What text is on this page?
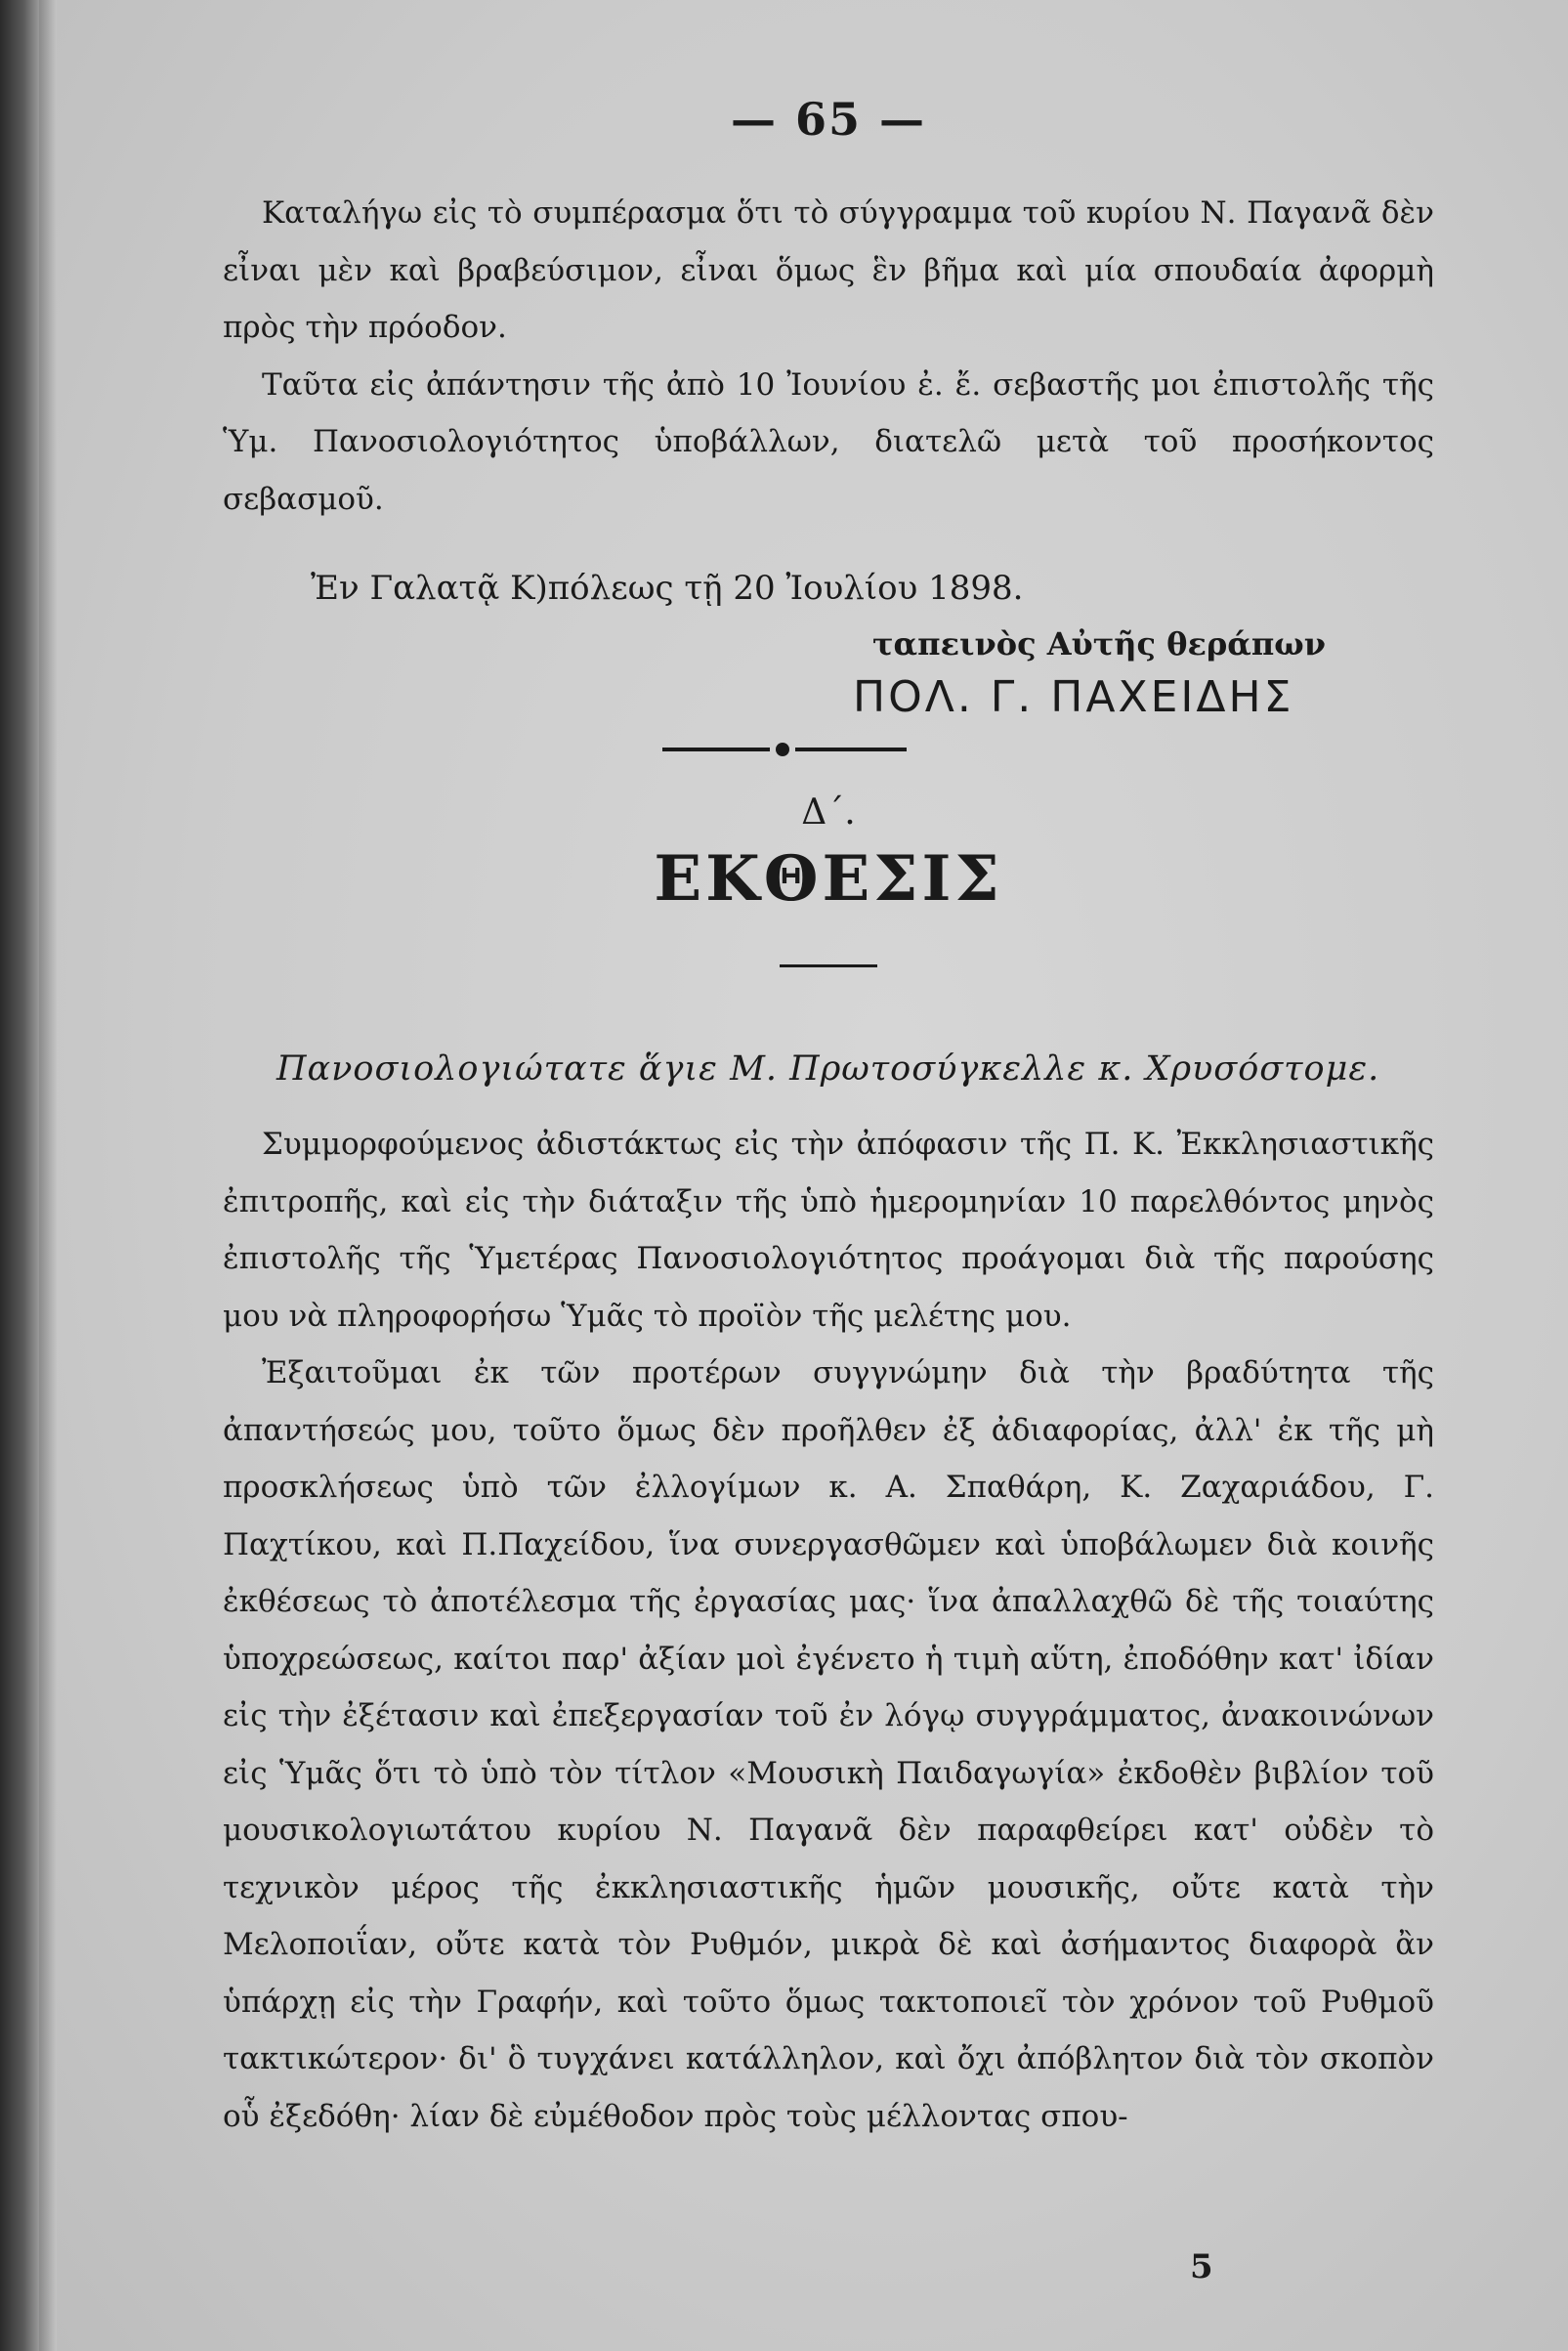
— 65 —

Καταλήγω εἰς τὸ συμπέρασμα ὅτι τὸ σύγγραμμα τοῦ κυρίου Ν. Παγανᾶ δὲν εἶναι μὲν καὶ βραβεύσιμον, εἶναι ὅμως ἓν βῆμα καὶ μία σπουδαία ἀφορμὴ πρὸς τὴν πρόοδον.

Ταῦτα εἰς ἀπάντησιν τῆς ἀπὸ 10 Ἰουνίου ἐ. ἔ. σεβαστῆς μοι ἐπιστολῆς τῆς Ὑμ. Πανοσιολογιότητος ὑποβάλλων, διατελῶ μετὰ τοῦ προσήκοντος σεβασμοῦ.

Ἐν Γαλατᾷ Κ)πόλεως τῇ 20 Ἰουλίου 1898.
ταπεινὸς Αὐτῆς θεράπων
ΠΟΛ. Γ. ΠΑΧΕΙΔΗΣ
Δ΄.
ΕΚΘΕΣΙΣ
Πανοσιολογιώτατε ἅγιε Μ. Πρωτοσύγκελλε κ. Χρυσόστομε.

Συμμορφούμενος ἀδιστάκτως εἰς τὴν ἀπόφασιν τῆς Π. Κ. Ἐκκλησιαστικῆς ἐπιτροπῆς, καὶ εἰς τὴν διάταξιν τῆς ὑπὸ ἡμερομηνίαν 10 παρελθόντος μηνὸς ἐπιστολῆς τῆς Ὑμετέρας Πανοσιολογιότητος προάγομαι διὰ τῆς παρούσης μου νὰ πληροφορήσω Ὑμᾶς τὸ προϊὸν τῆς μελέτης μου.

Ἐξαιτοῦμαι ἐκ τῶν προτέρων συγγνώμην διὰ τὴν βραδύτητα τῆς ἀπαντήσεώς μου, τοῦτο ὅμως δὲν προῆλθεν ἐξ ἀδιαφορίας, ἀλλ' ἐκ τῆς μὴ προσκλήσεως ὑπὸ τῶν ἐλλογίμων κ. Α. Σπαθάρη, Κ. Ζαχαριάδου, Γ. Παχτίκου, καὶ Π.Παχείδου, ἵνα συνεργασθῶμεν καὶ ὑποβάλωμεν διὰ κοινῆς ἐκθέσεως τὸ ἀποτέλεσμα τῆς ἐργασίας μας· ἵνα ἀπαλλαχθῶ δὲ τῆς τοιαύτης ὑποχρεώσεως, καίτοι παρ' ἀξίαν μοὶ ἐγένετο ἡ τιμὴ αὕτη, ἐποδόθην κατ' ἰδίαν εἰς τὴν ἐξέτασιν καὶ ἐπεξεργασίαν τοῦ ἐν λόγῳ συγγράμματος, ἀνακοινώνων εἰς Ὑμᾶς ὅτι τὸ ὑπὸ τὸν τίτλον «Μουσικὴ Παιδαγωγία» ἐκδοθὲν βιβλίον τοῦ μουσικολογιωτάτου κυρίου Ν. Παγανᾶ δὲν παραφθείρει κατ' οὐδὲν τὸ τεχνικὸν μέρος τῆς ἐκκλησιαστικῆς ἡμῶν μουσικῆς, οὔτε κατὰ τὴν Μελοποιΐαν, οὔτε κατὰ τὸν Ρυθμόν, μικρὰ δὲ καὶ ἀσήμαντος διαφορὰ ἂν ὑπάρχῃ εἰς τὴν Γραφήν, καὶ τοῦτο ὅμως τακτοποιεῖ τὸν χρόνον τοῦ Ρυθμοῦ τακτικώτερον· δι' ὃ τυγχάνει κατάλληλον, καὶ ὄχι ἀπόβλητον διὰ τὸν σκοπὸν οὗ ἐξεδόθη· λίαν δὲ εὐμέθοδον πρὸς τοὺς μέλλοντας σπου-

5
